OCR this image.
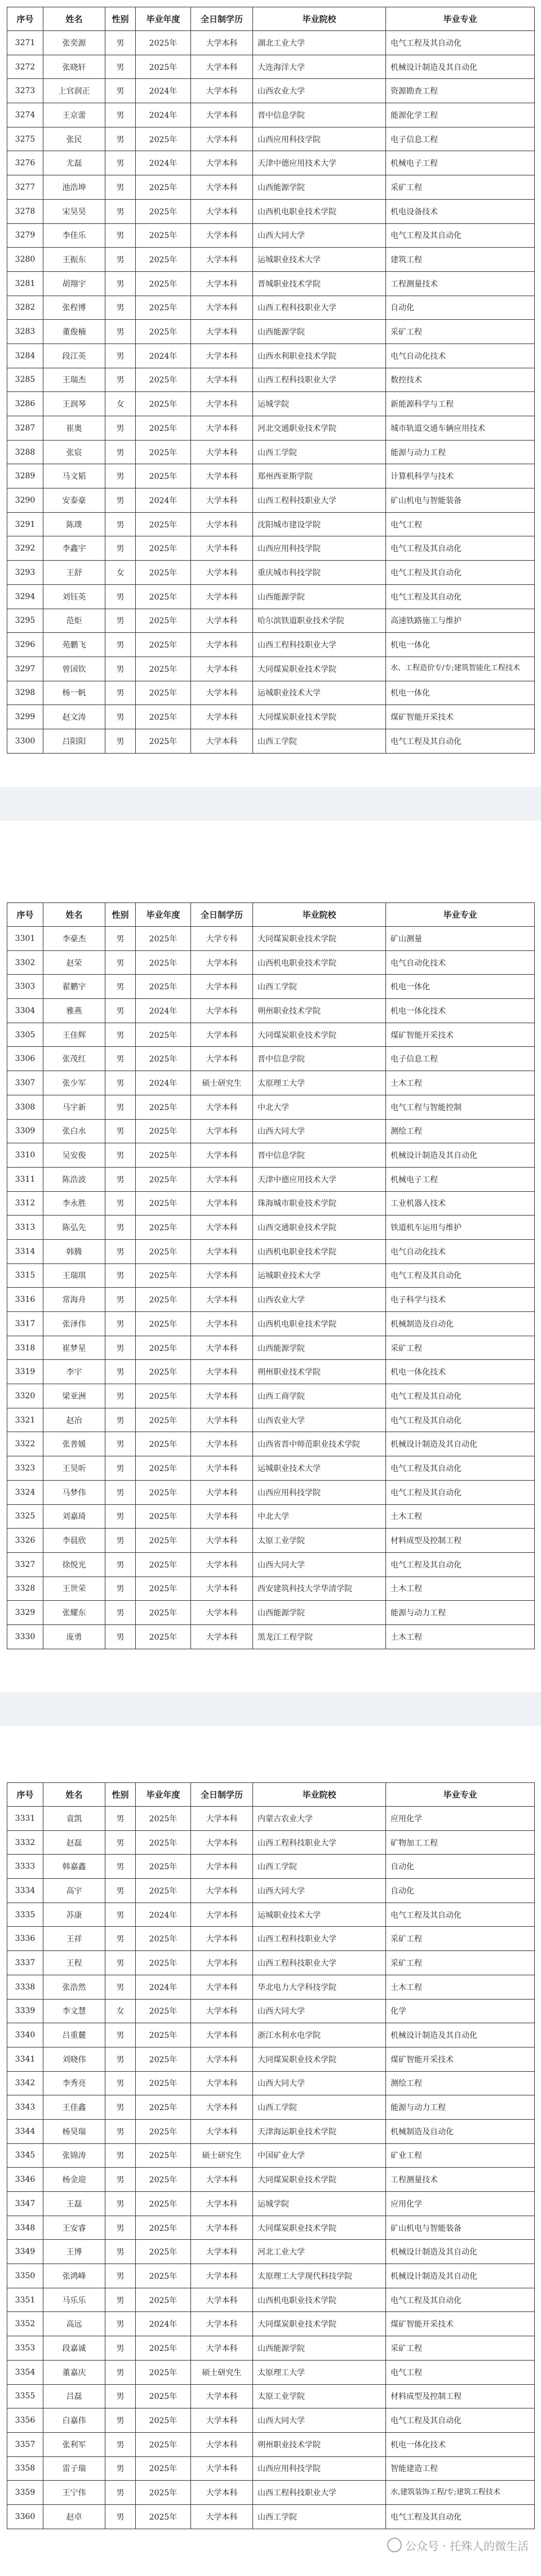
序号	姓名	性别	毕业年度	全日制学历	毕业院校	毕业专业
3271	张奕源	男	2025年	大学本科	湖北工业大学	电气工程及其自动化
3272	张晓轩	男	2025年	大学本科	大连海洋大学	机械设计制造及其自动化
3273	上官润正	男	2024年	大学本科	山西农业大学	资源勘查工程
3274	王京蕾	男	2024年	大学本科	晋中信息学院	能源化学工程
3275	张民	男	2025年	大学本科	山西应用科技学院	电子信息工程
3276	尤磊	男	2024年	大学本科	天津中德应用技术大学	机械电子工程
3277	池浩坤	男	2025年	大学本科	山西能源学院	采矿工程
3278	宋昊昊	男	2025年	大学本科	山西机电职业技术学院	机电设备技术
3279	李佳乐	男	2025年	大学本科	山西大同大学	电气工程及其自动化
3280	王振东	男	2025年	大学本科	运城职业技术大学	建筑工程
3281	胡翔宇	男	2025年	大学本科	晋城职业技术学院	工程测量技术
3282	张程博	男	2025年	大学本科	山西工程科技职业大学	自动化
3283	董俊楠	男	2025年	大学本科	山西能源学院	采矿工程
3284	段江英	男	2024年	大学本科	山西水利职业技术学院	电气自动化技术
3285	王瑞杰	男	2025年	大学本科	山西工程科技职业大学	数控技术
3286	王润琴	女	2025年	大学本科	运城学院	新能源科学与工程
3287	崔奥	男	2025年	大学本科	河北交通职业技术学院	城市轨道交通车辆应用技术
3288	张宸	男	2025年	大学本科	山西工学院	能源与动力工程
3289	马文韬	男	2025年	大学本科	郑州西亚斯学院	计算机科学与技术
3290	安泰豪	男	2024年	大学本科	山西工程科技职业大学	矿山机电与智能装备
3291	陈璞	男	2025年	大学本科	沈阳城市建设学院	电气工程
3292	李鑫宇	男	2025年	大学本科	山西应用科技学院	电气工程及其自动化
3293	王舒	女	2025年	大学本科	重庆城市科技学院	电气工程及其自动化
3294	刘钰英	男	2025年	大学本科	山西能源学院	电气工程及其自动化
3295	范炬	男	2025年	大学本科	哈尔滨铁道职业技术学院	高速铁路施工与维护
3296	苑鹏飞	男	2025年	大学本科	山西工程科技职业大学	机电一体化
3297	曾国钦	男	2025年	大学本科	大同煤炭职业技术学院	水、工程造价专/专;建筑智能化工程技术
3298	杨一帆	男	2025年	大学本科	运城职业技术大学	机电一体化
3299	赵文涛	男	2025年	大学本科	大同煤炭职业技术学院	煤矿智能开采技术
3300	吕阳阳	男	2025年	大学本科	山西工学院	电气工程及其自动化
序号	姓名	性别	毕业年度	全日制学历	毕业院校	毕业专业
3301	李豪杰	男	2025年	大学专科	大同煤炭职业技术学院	矿山测量
3302	赵荣	男	2025年	大学本科	山西机电职业技术学院	电气自动化技术
3303	翟鹏宇	男	2025年	大学本科	山西工学院	机电一体化
3304	雅燕	男	2024年	大学本科	朔州职业技术学院	机电一体化技术
3305	王佳辉	男	2025年	大学本科	大同煤炭职业技术学院	煤矿智能开采技术
3306	张茂红	男	2025年	大学本科	晋中信息学院	电子信息工程
3307	张少军	男	2024年	硕士研究生	太原理工大学	土木工程
3308	马宇新	男	2025年	大学本科	中北大学	电气工程与智能控制
3309	张白水	男	2025年	大学本科	山西大同大学	测绘工程
3310	吴安俊	男	2025年	大学本科	晋中信息学院	机械设计制造及其自动化
3311	陈浩波	男	2025年	大学本科	天津中德应用技术大学	机械电子工程
3312	李永胜	男	2025年	大学本科	珠海城市职业技术学院	工业机器人技术
3313	陈弘先	男	2025年	大学本科	山西交通职业技术学院	铁道机车运用与维护
3314	韩腾	男	2025年	大学本科	山西机电职业技术学院	电气自动化技术
3315	王瑞琪	男	2025年	大学本科	运城职业技术大学	电气工程及其自动化
3316	常海舟	男	2025年	大学本科	山西农业大学	电子科学与技术
3317	张泽伟	男	2025年	大学本科	山西机电职业技术学院	机械制造及自动化
3318	崔梦星	男	2025年	大学本科	山西能源学院	采矿工程
3319	李宇	男	2025年	大学本科	朔州职业技术学院	机电一体化技术
3320	梁亚洲	男	2025年	大学本科	山西工商学院	电气工程及其自动化
3321	赵冶	男	2025年	大学本科	山西农业大学	电气工程及其自动化
3322	张普媛	男	2025年	大学本科	山西省晋中师范职业技术学院	机械设计制造及其自动化
3323	王昊昕	男	2025年	大学本科	运城职业技术大学	电气工程及其自动化
3324	马梦伟	男	2025年	大学本科	山西应用科技学院	电气工程及其自动化
3325	刘嘉琦	男	2025年	大学本科	中北大学	土木工程
3326	李晨欣	男	2025年	大学本科	太原工业学院	材料成型及控制工程
3327	徐悦光	男	2025年	大学本科	山西大同大学	电气工程及其自动化
3328	王世荣	男	2025年	大学本科	西安建筑科技大学华清学院	土木工程
3329	张耀东	男	2025年	大学本科	山西能源学院	能源与动力工程
3330	庞勇	男	2025年	大学本科	黑龙江工程学院	土木工程
序号	姓名	性别	毕业年度	全日制学历	毕业院校	毕业专业
3331	袁凯	男	2025年	大学本科	内蒙古农业大学	应用化学
3332	赵磊	男	2025年	大学本科	山西工程科技职业大学	矿物加工工程
3333	韩嘉鑫	男	2025年	大学本科	山西工学院	自动化
3334	高宇	男	2025年	大学本科	山西大同大学	自动化
3335	苏康	男	2024年	大学本科	运城职业技术大学	电气工程及其自动化
3336	王祥	男	2025年	大学本科	山西工程科技职业大学	采矿工程
3337	王程	男	2025年	大学本科	山西工程科技职业大学	采矿工程
3338	张浩然	男	2024年	大学本科	华北电力大学科技学院	土木工程
3339	李文慧	女	2025年	大学本科	山西大同大学	化学
3340	吕重麓	男	2025年	大学本科	浙江水利水电学院	机械设计制造及其自动化
3341	刘晓伟	男	2025年	大学本科	大同煤炭职业技术学院	煤矿智能开采技术
3342	李秀亮	男	2025年	大学本科	山西大同大学	测绘工程
3343	王佳鑫	男	2025年	大学本科	山西工学院	能源与动力工程
3344	杨昊瑞	男	2025年	大学本科	天津海运职业技术学院	机械制造及自动化
3345	张锦涛	男	2025年	硕士研究生	中国矿业大学	矿业工程
3346	杨金迎	男	2025年	大学本科	大同煤炭职业技术学院	工程测量技术
3347	王磊	男	2025年	大学本科	运城学院	应用化学
3348	王安睿	男	2025年	大学本科	大同煤炭职业技术学院	矿山机电与智能装备
3349	王博	男	2025年	大学本科	河北工业大学	机械设计制造及其自动化
3350	张鸿峰	男	2025年	大学本科	太原理工大学现代科技学院	机械设计制造及其自动化
3351	马乐乐	男	2025年	大学本科	山西机电职业技术学院	电气工程及其自动化
3352	高远	男	2024年	大学本科	大同煤炭职业技术学院	煤矿智能开采技术
3353	段嘉诚	男	2025年	大学本科	山西能源学院	采矿工程
3354	董嘉庆	男	2025年	硕士研究生	太原理工大学	电气工程
3355	吕磊	男	2025年	大学本科	太原工业学院	材料成型及控制工程
3356	白嘉伟	男	2025年	大学本科	山西大同大学	电气工程及其自动化
3357	张利军	男	2025年	大学本科	朔州职业技术学院	机电一体化技术
3358	雷子瑞	男	2025年	大学本科	山西应用科技学院	智能建造工程
3359	王宁伟	男	2025年	大学本科	山西工程科技职业大学	水,建筑装饰工程/专;建筑工程技术
3360	赵卓	男	2025年	大学本科	山西工学院	电气工程及其自动化
公众号 · 托殊人的微生活
